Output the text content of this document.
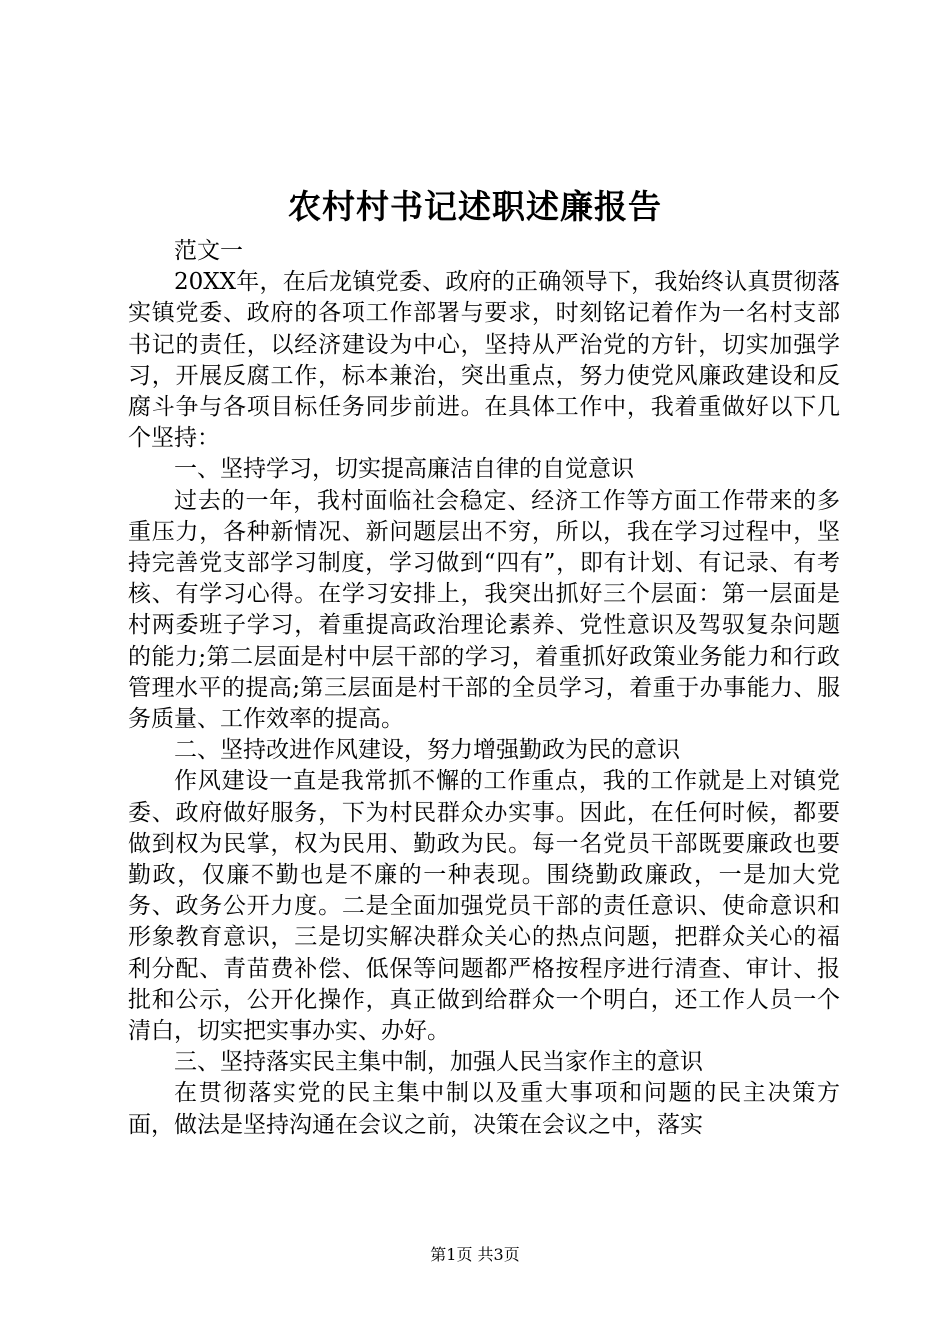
农村村书记述职述廉报告

范文一

20XX年，在后龙镇党委、政府的正确领导下，我始终认真贯彻落实镇党委、政府的各项工作部署与要求，时刻铭记着作为一名村支部书记的责任，以经济建设为中心，坚持从严治党的方针，切实加强学习，开展反腐工作，标本兼治，突出重点，努力使党风廉政建设和反腐斗争与各项目标任务同步前进。在具体工作中，我着重做好以下几个坚持：

一、坚持学习，切实提高廉洁自律的自觉意识

过去的一年，我村面临社会稳定、经济工作等方面工作带来的多重压力，各种新情况、新问题层出不穷，所以，我在学习过程中，坚持完善党支部学习制度，学习做到“四有”，即有计划、有记录、有考核、有学习心得。在学习安排上，我突出抓好三个层面：第一层面是村两委班子学习，着重提高政治理论素养、党性意识及驾驭复杂问题的能力;第二层面是村中层干部的学习，着重抓好政策业务能力和行政管理水平的提高;第三层面是村干部的全员学习，着重于办事能力、服务质量、工作效率的提高。

二、坚持改进作风建设，努力增强勤政为民的意识

作风建设一直是我常抓不懈的工作重点，我的工作就是上对镇党委、政府做好服务，下为村民群众办实事。因此，在任何时候，都要做到权为民掌，权为民用、勤政为民。每一名党员干部既要廉政也要勤政，仅廉不勤也是不廉的一种表现。围绕勤政廉政，一是加大党务、政务公开力度。二是全面加强党员干部的责任意识、使命意识和形象教育意识，三是切实解决群众关心的热点问题，把群众关心的福利分配、青苗费补偿、低保等问题都严格按程序进行清查、审计、报批和公示，公开化操作，真正做到给群众一个明白，还工作人员一个清白，切实把实事办实、办好。

三、坚持落实民主集中制，加强人民当家作主的意识

在贯彻落实党的民主集中制以及重大事项和问题的民主决策方面，做法是坚持沟通在会议之前，决策在会议之中，落实

第1页 共3页
